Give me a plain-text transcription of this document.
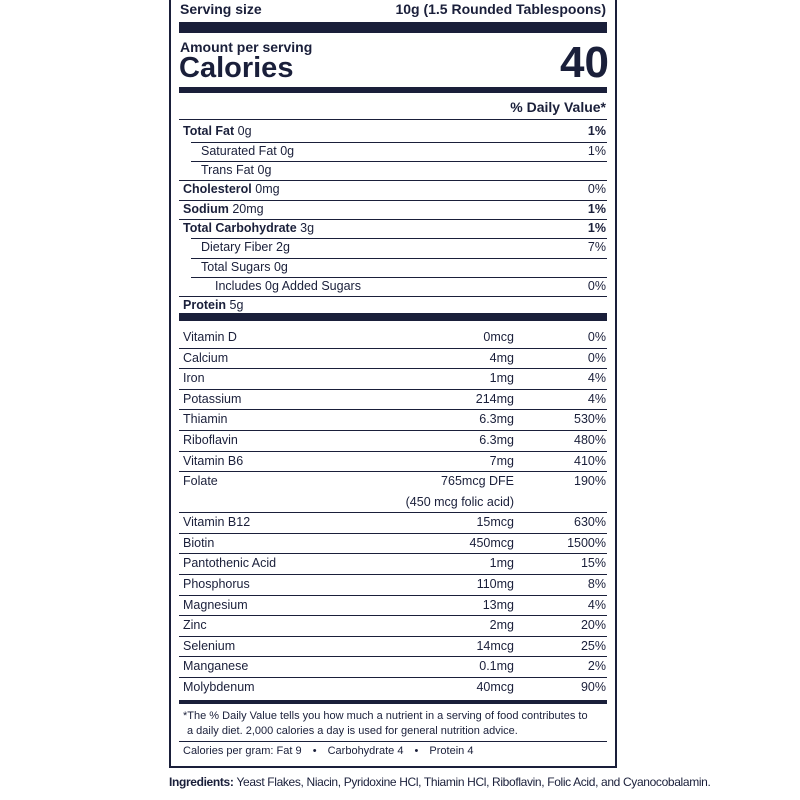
Serving size	10g (1.5 Rounded Tablespoons)
Amount per serving
Calories	40
% Daily Value*
Total Fat 0g	1%
Saturated Fat 0g	1%
Trans Fat 0g
Cholesterol 0mg	0%
Sodium 20mg	1%
Total Carbohydrate 3g	1%
Dietary Fiber 2g	7%
Total Sugars 0g
Includes 0g Added Sugars	0%
Protein 5g
Vitamin D	0mcg	0%
Calcium	4mg	0%
Iron	1mg	4%
Potassium	214mg	4%
Thiamin	6.3mg	530%
Riboflavin	6.3mg	480%
Vitamin B6	7mg	410%
Folate	765mcg DFE	190%
(450 mcg folic acid)
Vitamin B12	15mcg	630%
Biotin	450mcg	1500%
Pantothenic Acid	1mg	15%
Phosphorus	110mg	8%
Magnesium	13mg	4%
Zinc	2mg	20%
Selenium	14mcg	25%
Manganese	0.1mg	2%
Molybdenum	40mcg	90%
*The % Daily Value tells you how much a nutrient in a serving of food contributes to
a daily diet. 2,000 calories a day is used for general nutrition advice.
Calories per gram: Fat 9 • Carbohydrate 4 • Protein 4
Ingredients: Yeast Flakes, Niacin, Pyridoxine HCl, Thiamin HCl, Riboflavin, Folic Acid, and Cyanocobalamin.
